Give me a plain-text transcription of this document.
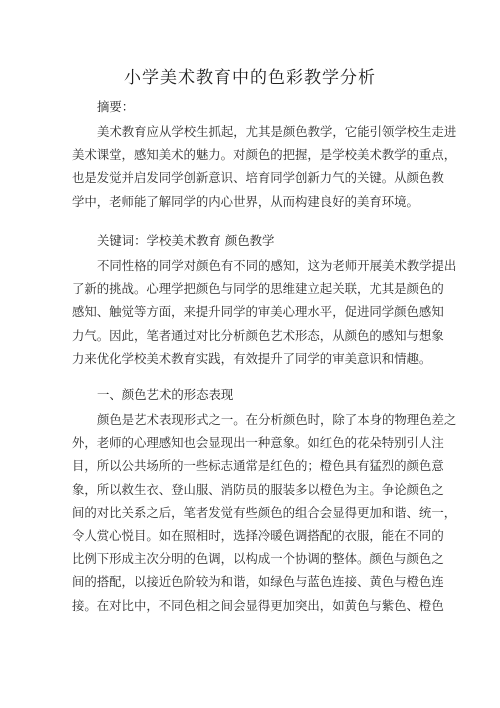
小学美术教育中的色彩教学分析
摘要：
美术教育应从学校生抓起，尤其是颜色教学，它能引领学校生走进
美术课堂，感知美术的魅力。对颜色的把握，是学校美术教学的重点，
也是发觉并启发同学创新意识、培育同学创新力气的关键。从颜色教
学中，老师能了解同学的内心世界，从而构建良好的美育环境。
关键词：学校美术教育 颜色教学
不同性格的同学对颜色有不同的感知，这为老师开展美术教学提出
了新的挑战。心理学把颜色与同学的思维建立起关联，尤其是颜色的
感知、触觉等方面，来提升同学的审美心理水平，促进同学颜色感知
力气。因此，笔者通过对比分析颜色艺术形态，从颜色的感知与想象
力来优化学校美术教育实践，有效提升了同学的审美意识和情趣。
一、颜色艺术的形态表现
颜色是艺术表现形式之一。在分析颜色时，除了本身的物理色差之
外，老师的心理感知也会显现出一种意象。如红色的花朵特别引人注
目，所以公共场所的一些标志通常是红色的；橙色具有猛烈的颜色意
象，所以救生衣、登山服、消防员的服装多以橙色为主。争论颜色之
间的对比关系之后，笔者发觉有些颜色的组合会显得更加和谐、统一，
令人赏心悦目。如在照相时，选择冷暖色调搭配的衣服，能在不同的
比例下形成主次分明的色调，以构成一个协调的整体。颜色与颜色之
间的搭配，以接近色阶较为和谐，如绿色与蓝色连接、黄色与橙色连
接。在对比中，不同色相之间会显得更加突出，如黄色与紫色、橙色
